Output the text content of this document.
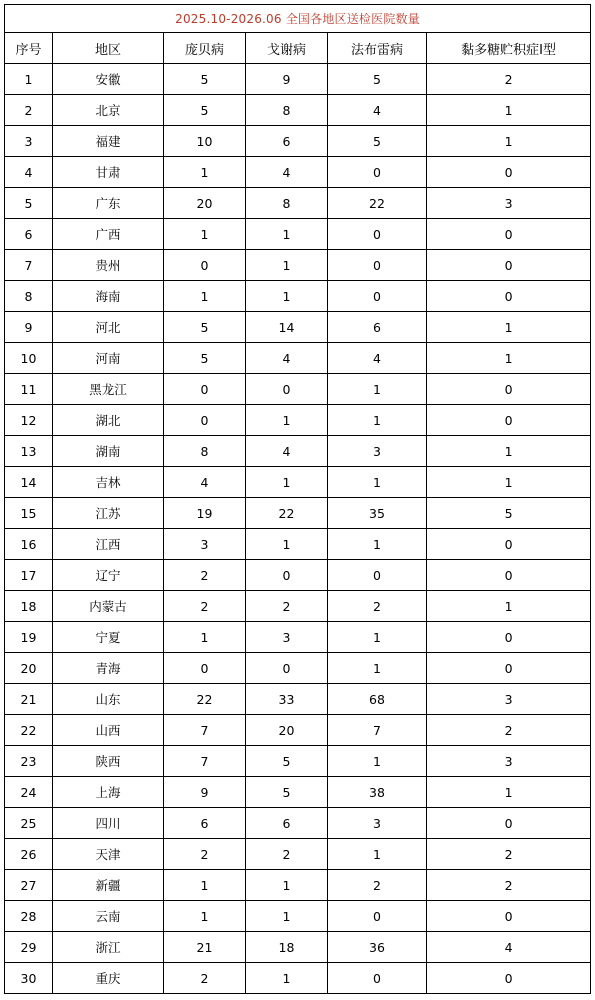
2025.10-2026.06 全国各地区送检医院数量					
序号	地区	庞贝病	戈谢病	法布雷病	黏多糖贮积症Ⅰ型
1	安徽	5	9	5	2
2	北京	5	8	4	1
3	福建	10	6	5	1
4	甘肃	1	4	0	0
5	广东	20	8	22	3
6	广西	1	1	0	0
7	贵州	0	1	0	0
8	海南	1	1	0	0
9	河北	5	14	6	1
10	河南	5	4	4	1
11	黑龙江	0	0	1	0
12	湖北	0	1	1	0
13	湖南	8	4	3	1
14	吉林	4	1	1	1
15	江苏	19	22	35	5
16	江西	3	1	1	0
17	辽宁	2	0	0	0
18	内蒙古	2	2	2	1
19	宁夏	1	3	1	0
20	青海	0	0	1	0
21	山东	22	33	68	3
22	山西	7	20	7	2
23	陕西	7	5	1	3
24	上海	9	5	38	1
25	四川	6	6	3	0
26	天津	2	2	1	2
27	新疆	1	1	2	2
28	云南	1	1	0	0
29	浙江	21	18	36	4
30	重庆	2	1	0	0
